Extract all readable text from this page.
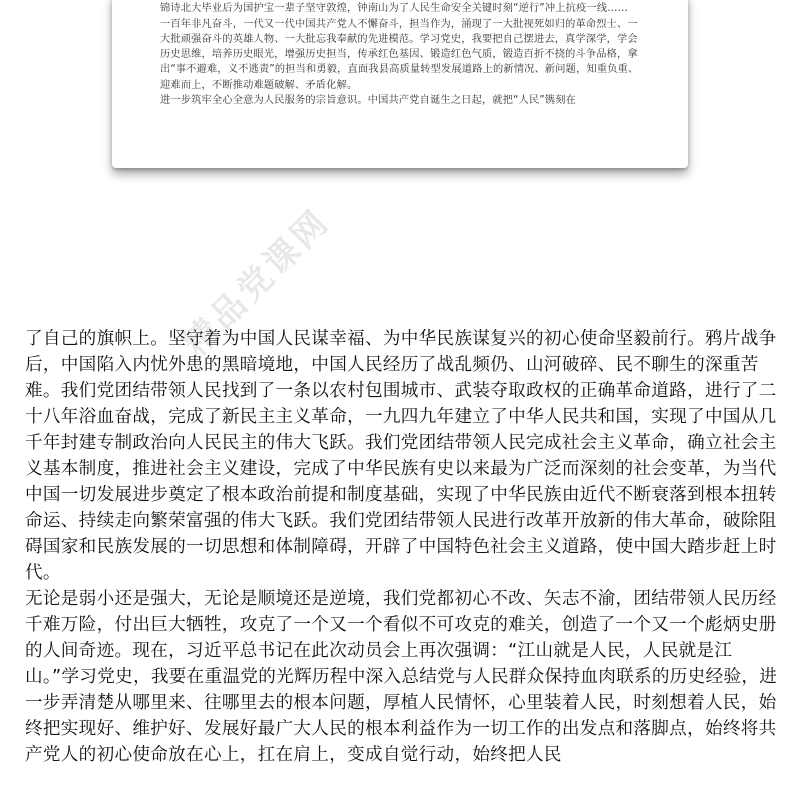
锦诗北大毕业后为国护宝一辈子坚守敦煌，钟南山为了人民生命安全关键时刻“逆行”冲上抗疫一线……

一百年非凡奋斗，一代又一代中国共产党人不懈奋斗，担当作为，涌现了一大批视死如归的革命烈士、一大批顽强奋斗的英雄人物、一大批忘我奉献的先进模范。学习党史，我要把自己摆进去，真学深学，学会历史思维，培养历史眼光，增强历史担当，传承红色基因、锻造红色气质，锻造百折不挠的斗争品格，拿出“事不避难，义不逃责”的担当和勇毅，直面我县高质量转型发展道路上的新情况、新问题，知重负重、迎难而上，不断推动难题破解、矛盾化解。

进一步筑牢全心全意为人民服务的宗旨意识。中国共产党自诞生之日起，就把“人民”镌刻在

了自己的旗帜上。坚守着为中国人民谋幸福、为中华民族谋复兴的初心使命坚毅前行。鸦片战争后，中国陷入内忧外患的黑暗境地，中国人民经历了战乱频仍、山河破碎、民不聊生的深重苦难。我们党团结带领人民找到了一条以农村包围城市、武装夺取政权的正确革命道路，进行了二十八年浴血奋战，完成了新民主主义革命，一九四九年建立了中华人民共和国，实现了中国从几千年封建专制政治向人民民主的伟大飞跃。我们党团结带领人民完成社会主义革命，确立社会主义基本制度，推进社会主义建设，完成了中华民族有史以来最为广泛而深刻的社会变革，为当代中国一切发展进步奠定了根本政治前提和制度基础，实现了中华民族由近代不断衰落到根本扭转命运、持续走向繁荣富强的伟大飞跃。我们党团结带领人民进行改革开放新的伟大革命，破除阻碍国家和民族发展的一切思想和体制障碍，开辟了中国特色社会主义道路，使中国大踏步赶上时代。

无论是弱小还是强大，无论是顺境还是逆境，我们党都初心不改、矢志不渝，团结带领人民历经千难万险，付出巨大牺牲，攻克了一个又一个看似不可攻克的难关，创造了一个又一个彪炳史册的人间奇迹。现在，习近平总书记在此次动员会上再次强调：“江山就是人民，人民就是江山。”学习党史，我要在重温党的光辉历程中深入总结党与人民群众保持血肉联系的历史经验，进一步弄清楚从哪里来、往哪里去的根本问题，厚植人民情怀，心里装着人民，时刻想着人民，始终把实现好、维护好、发展好最广大人民的根本利益作为一切工作的出发点和落脚点，始终将共产党人的初心使命放在心上，扛在肩上，变成自觉行动，始终把人民
